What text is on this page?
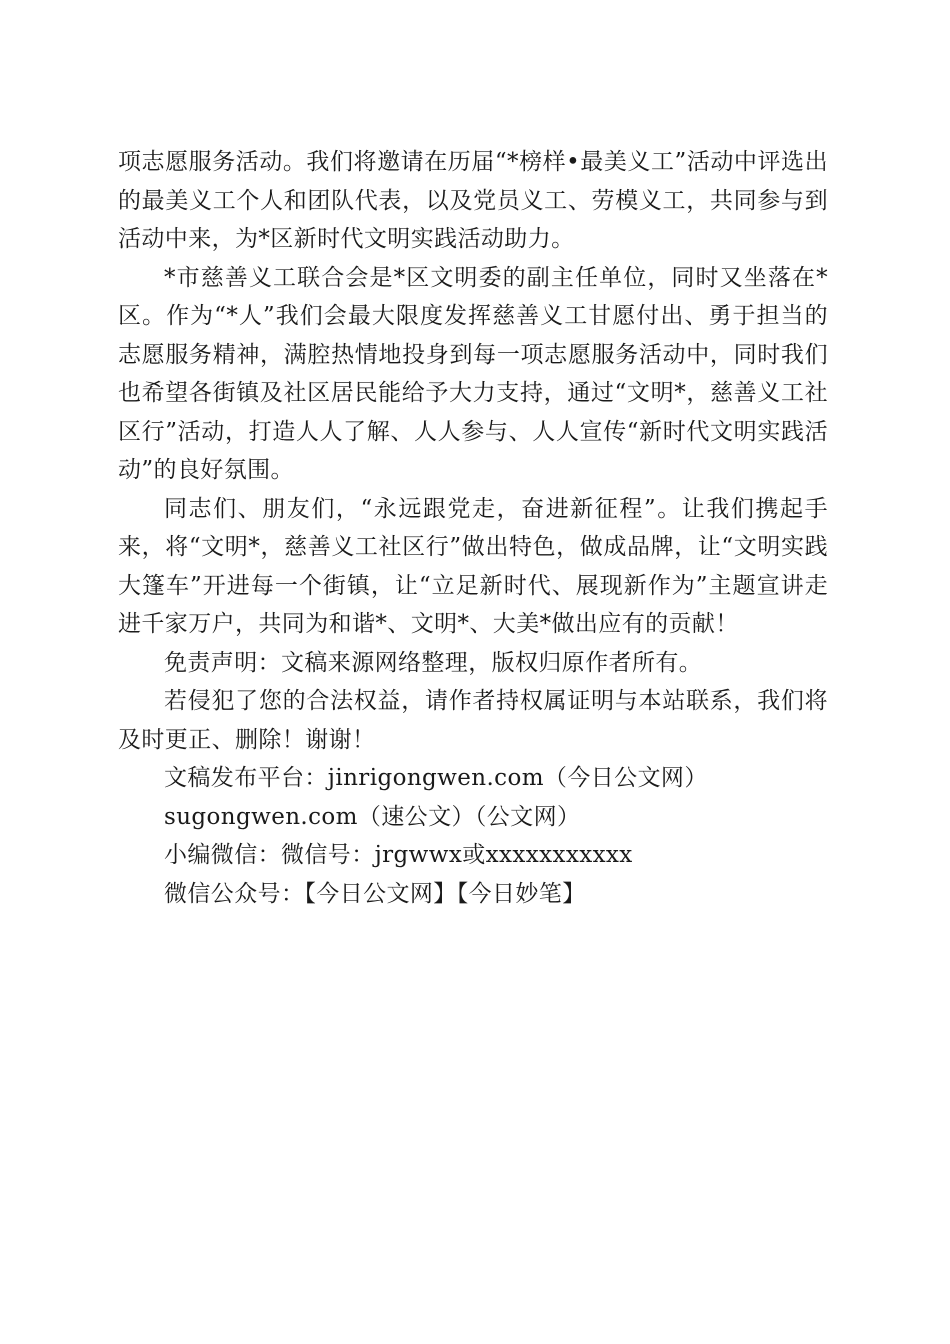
项志愿服务活动。我们将邀请在历届“*榜样•最美义工”活动中评选出的最美义工个人和团队代表，以及党员义工、劳模义工，共同参与到活动中来，为*区新时代文明实践活动助力。

*市慈善义工联合会是*区文明委的副主任单位，同时又坐落在*区。作为“*人”我们会最大限度发挥慈善义工甘愿付出、勇于担当的志愿服务精神，满腔热情地投身到每一项志愿服务活动中，同时我们也希望各街镇及社区居民能给予大力支持，通过“文明*，慈善义工社区行”活动，打造人人了解、人人参与、人人宣传“新时代文明实践活动”的良好氛围。

同志们、朋友们，“永远跟党走，奋进新征程”。让我们携起手来，将“文明*，慈善义工社区行”做出特色，做成品牌，让“文明实践大篷车”开进每一个街镇，让“立足新时代、展现新作为”主题宣讲走进千家万户，共同为和谐*、文明*、大美*做出应有的贡献！

免责声明：文稿来源网络整理，版权归原作者所有。

若侵犯了您的合法权益，请作者持权属证明与本站联系，我们将及时更正、删除！谢谢！

文稿发布平台：jinrigongwen.com（今日公文网）

sugongwen.com（速公文）（公文网）

小编微信：微信号：jrgwwx或xxxxxxxxxxx

微信公众号：【今日公文网】【今日妙笔】
